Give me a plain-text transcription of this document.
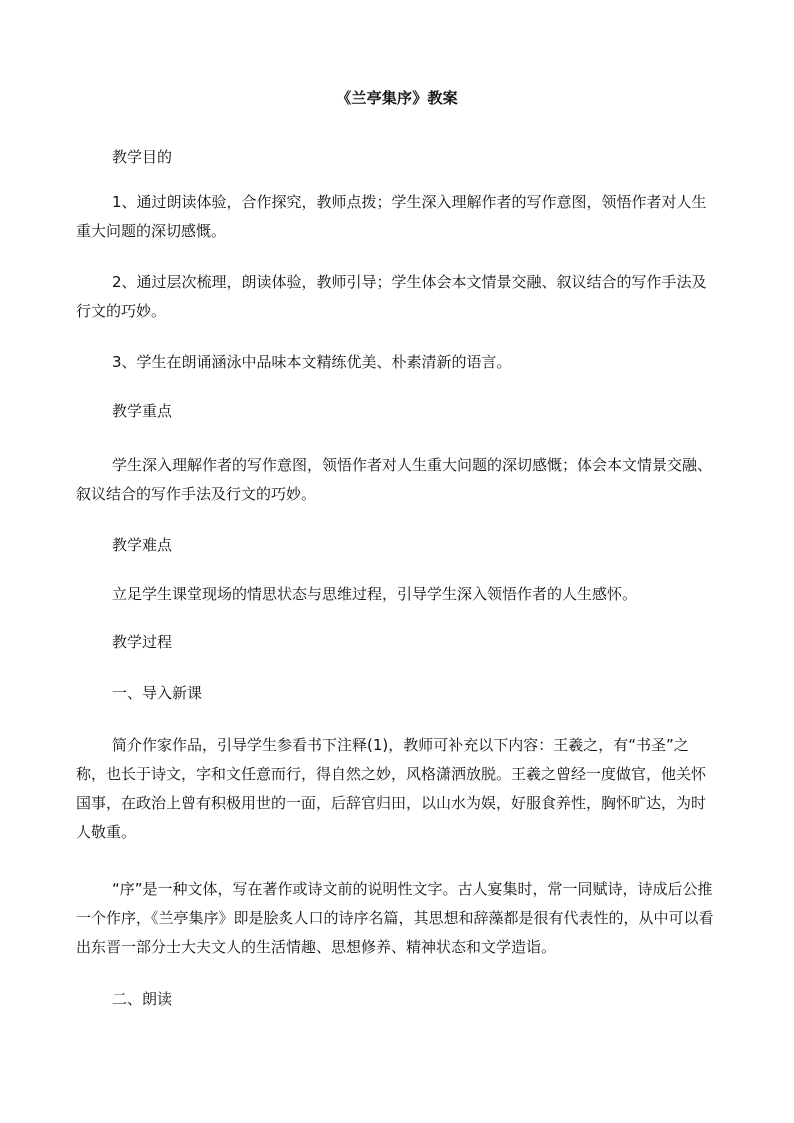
《兰亭集序》教案
教学目的
1、通过朗读体验，合作探究，教师点拨；学生深入理解作者的写作意图，领悟作者对人生重大问题的深切感慨。
2、通过层次梳理，朗读体验，教师引导；学生体会本文情景交融、叙议结合的写作手法及行文的巧妙。
3、学生在朗诵涵泳中品味本文精练优美、朴素清新的语言。
教学重点
学生深入理解作者的写作意图，领悟作者对人生重大问题的深切感慨；体会本文情景交融、叙议结合的写作手法及行文的巧妙。
教学难点
立足学生课堂现场的情思状态与思维过程，引导学生深入领悟作者的人生感怀。
教学过程
一、导入新课
简介作家作品，引导学生参看书下注释(1)，教师可补充以下内容：王羲之，有“书圣”之称，也长于诗文，字和文任意而行，得自然之妙，风格潇洒放脱。王羲之曾经一度做官，他关怀国事，在政治上曾有积极用世的一面，后辞官归田，以山水为娱，好服食养性，胸怀旷达，为时人敬重。
“序”是一种文体，写在著作或诗文前的说明性文字。古人宴集时，常一同赋诗，诗成后公推一个作序，《兰亭集序》即是脍炙人口的诗序名篇，其思想和辞藻都是很有代表性的，从中可以看出东晋一部分士大夫文人的生活情趣、思想修养、精神状态和文学造诣。
二、朗读
